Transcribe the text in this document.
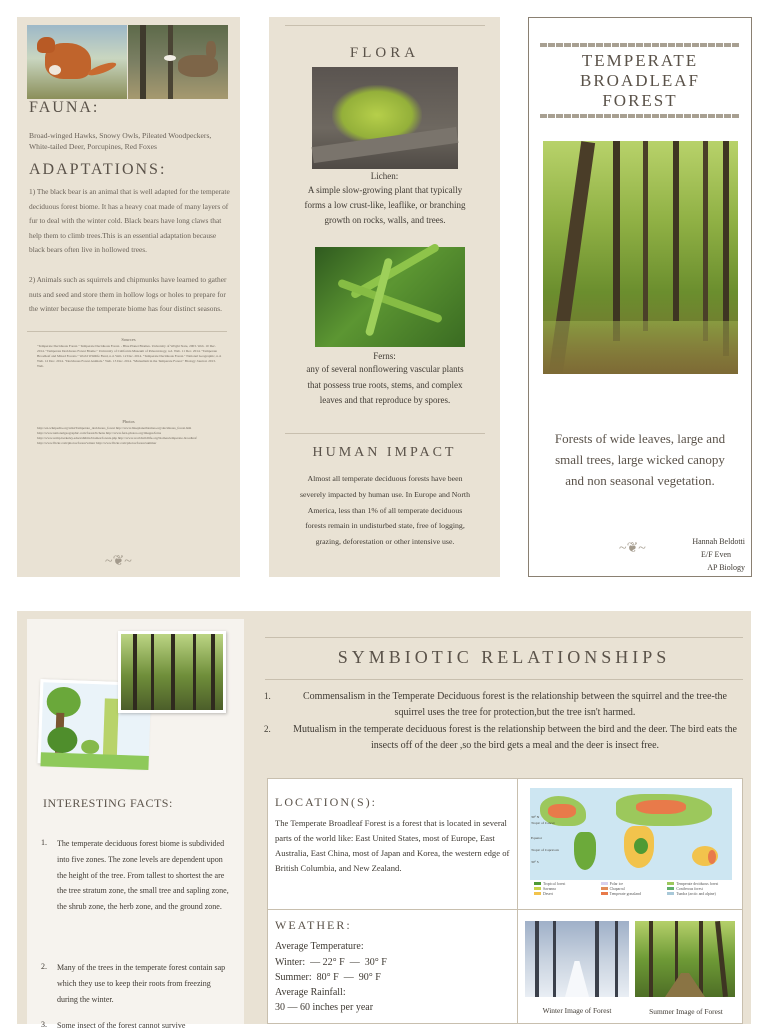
FAUNA:
Broad-winged Hawks, Snowy Owls, Pileated Woodpeckers, White-tailed Deer, Porcupines, Red Foxes
ADAPTATIONS:
1) The black bear is an animal that is well adapted for the temperate deciduous forest biome. It has a heavy coat made of many layers of fur to deal with the winter cold. Black bears have long claws that help them to climb trees.This is an essential adaptation because black bears often live in hollowed trees.
2) Animals such as squirrels and chipmunks have learned to gather nuts and seed and store them in hollow logs or holes to prepare for the winter because the temperate biome has four distinct seasons.
Sources
"Temperate Deciduous Forest." Temperate Deciduous Forest. - Blue Planet Biomes. University of Wright State, 2003. Web. 10 Dec. 2014. "Temperate Deciduous Forest Biome." University of California Museum of Paleontology, n.d. Web. 11 Dec. 2014. "Temperate Broadleaf and Mixed Forests." World Wildlife Fund, n.d. Web. 12 Dec. 2014. "Temperate Deciduous Forest." National Geographic, n.d. Web. 12 Dec. 2014. "Deciduous Forest Animals." Web. 13 Dec. 2014. "Mutualism in the Temperate Forest." Biology Journal. 2013. Web.
Photos
http://en.wikipedia.org/wiki/Temperate_deciduous_forest http://www.blueplanetbiomes.org/deciduous_forest.htm http://www.nationalgeographic.com/forest/lichens http://www.fern-photos.org/images/ferns http://www.ucmp.berkeley.edu/exhibits/biomes/forests.php http://www.worldwildlife.org/biomes/temperate-broadleaf http://www.flickr.com/photos/forest/winter http://www.flickr.com/photos/forest/summer
~❦~
FLORA
Lichen:
A simple slow-growing plant that typically forms a low crust-like, leaflike, or branching growth on rocks, walls, and trees.
Ferns:
any of several nonflowering vascular plants that possess true roots, stems, and complex leaves and that reproduce by spores.
HUMAN IMPACT
Almost all temperate deciduous forests have been severely impacted by human use. In Europe and North America, less than 1% of all temperate deciduous forests remain in undisturbed state, free of logging, grazing, deforestation or other intensive use.
TEMPERATE
BROADLEAF
FOREST
Forests of wide leaves, large and small trees, large wicked canopy and non seasonal vegetation.
~❦~	Hannah Beldotti
E/F Even
AP Biology
INTERESTING FACTS:
1. The temperate deciduous forest biome is subdivided into five zones. The zone levels are dependent upon the height of the tree. From tallest to shortest the are the tree stratum zone, the small tree and sapling zone, the shrub zone, the herb zone, and the ground zone.
2. Many of the trees in the temperate forest contain sap which they use to keep their roots from freezing during the winter.
3. Some insect of the forest cannot survive
SYMBIOTIC RELATIONSHIPS
1.	Commensalism in the Temperate Deciduous forest is the relationship between the squirrel and the tree-the squirrel uses the tree for protection,but the tree isn't harmed.
2.	Mutualism in the temperate deciduous forest is the relationship between the bird and the deer. The bird eats the insects off of the deer ,so the bird gets a meal and the deer is insect free.
LOCATION(S):
The Temperate Broadleaf Forest is a forest that is located in several parts of the world like: East United States, most of Europe, East Australia, East China, most of Japan and Korea, the western edge of British Columbia, and New Zealand.
30° N
Tropic of Cancer
Equator
Tropic of Capricorn
30° S
Tropical forest	Polar ice	Temperate deciduous forest
Savanna	Chaparral	Coniferous forest
Desert	Temperate grassland	Tundra (arctic and alpine)
WEATHER:
Average Temperature:
Winter:  — 22° F  —  30° F
Summer:  80° F  —  90° F
Average Rainfall:
30 — 60 inches per year	Winter Image of Forest	Summer Image of Forest
